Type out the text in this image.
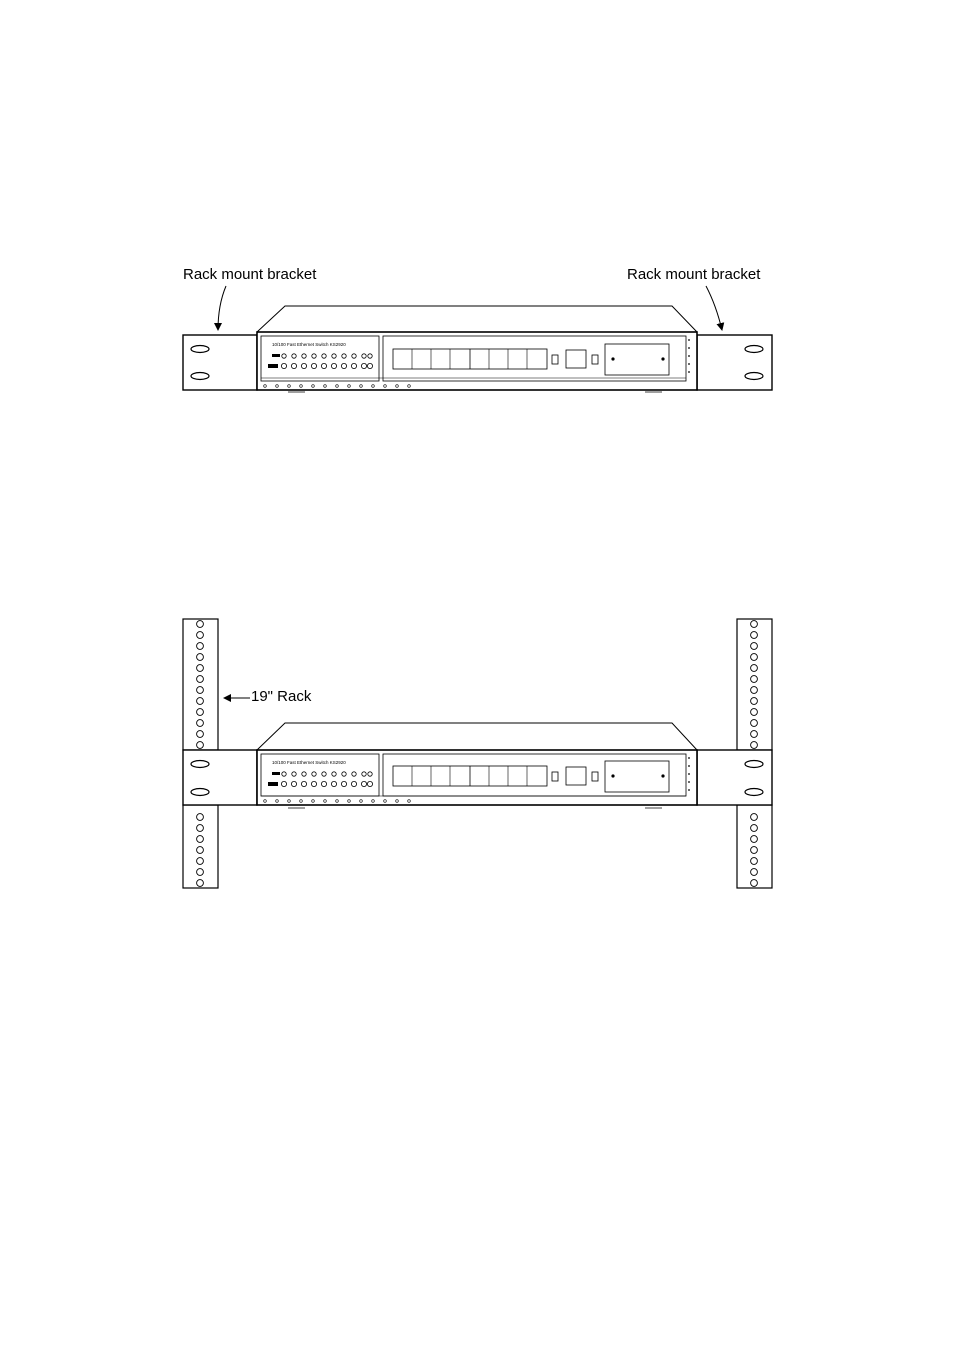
Rack mount bracket	Rack mount bracket
10/100 Fast Ethernet Switch KS2920
19" Rack
10/100 Fast Ethernet Switch KS2920
